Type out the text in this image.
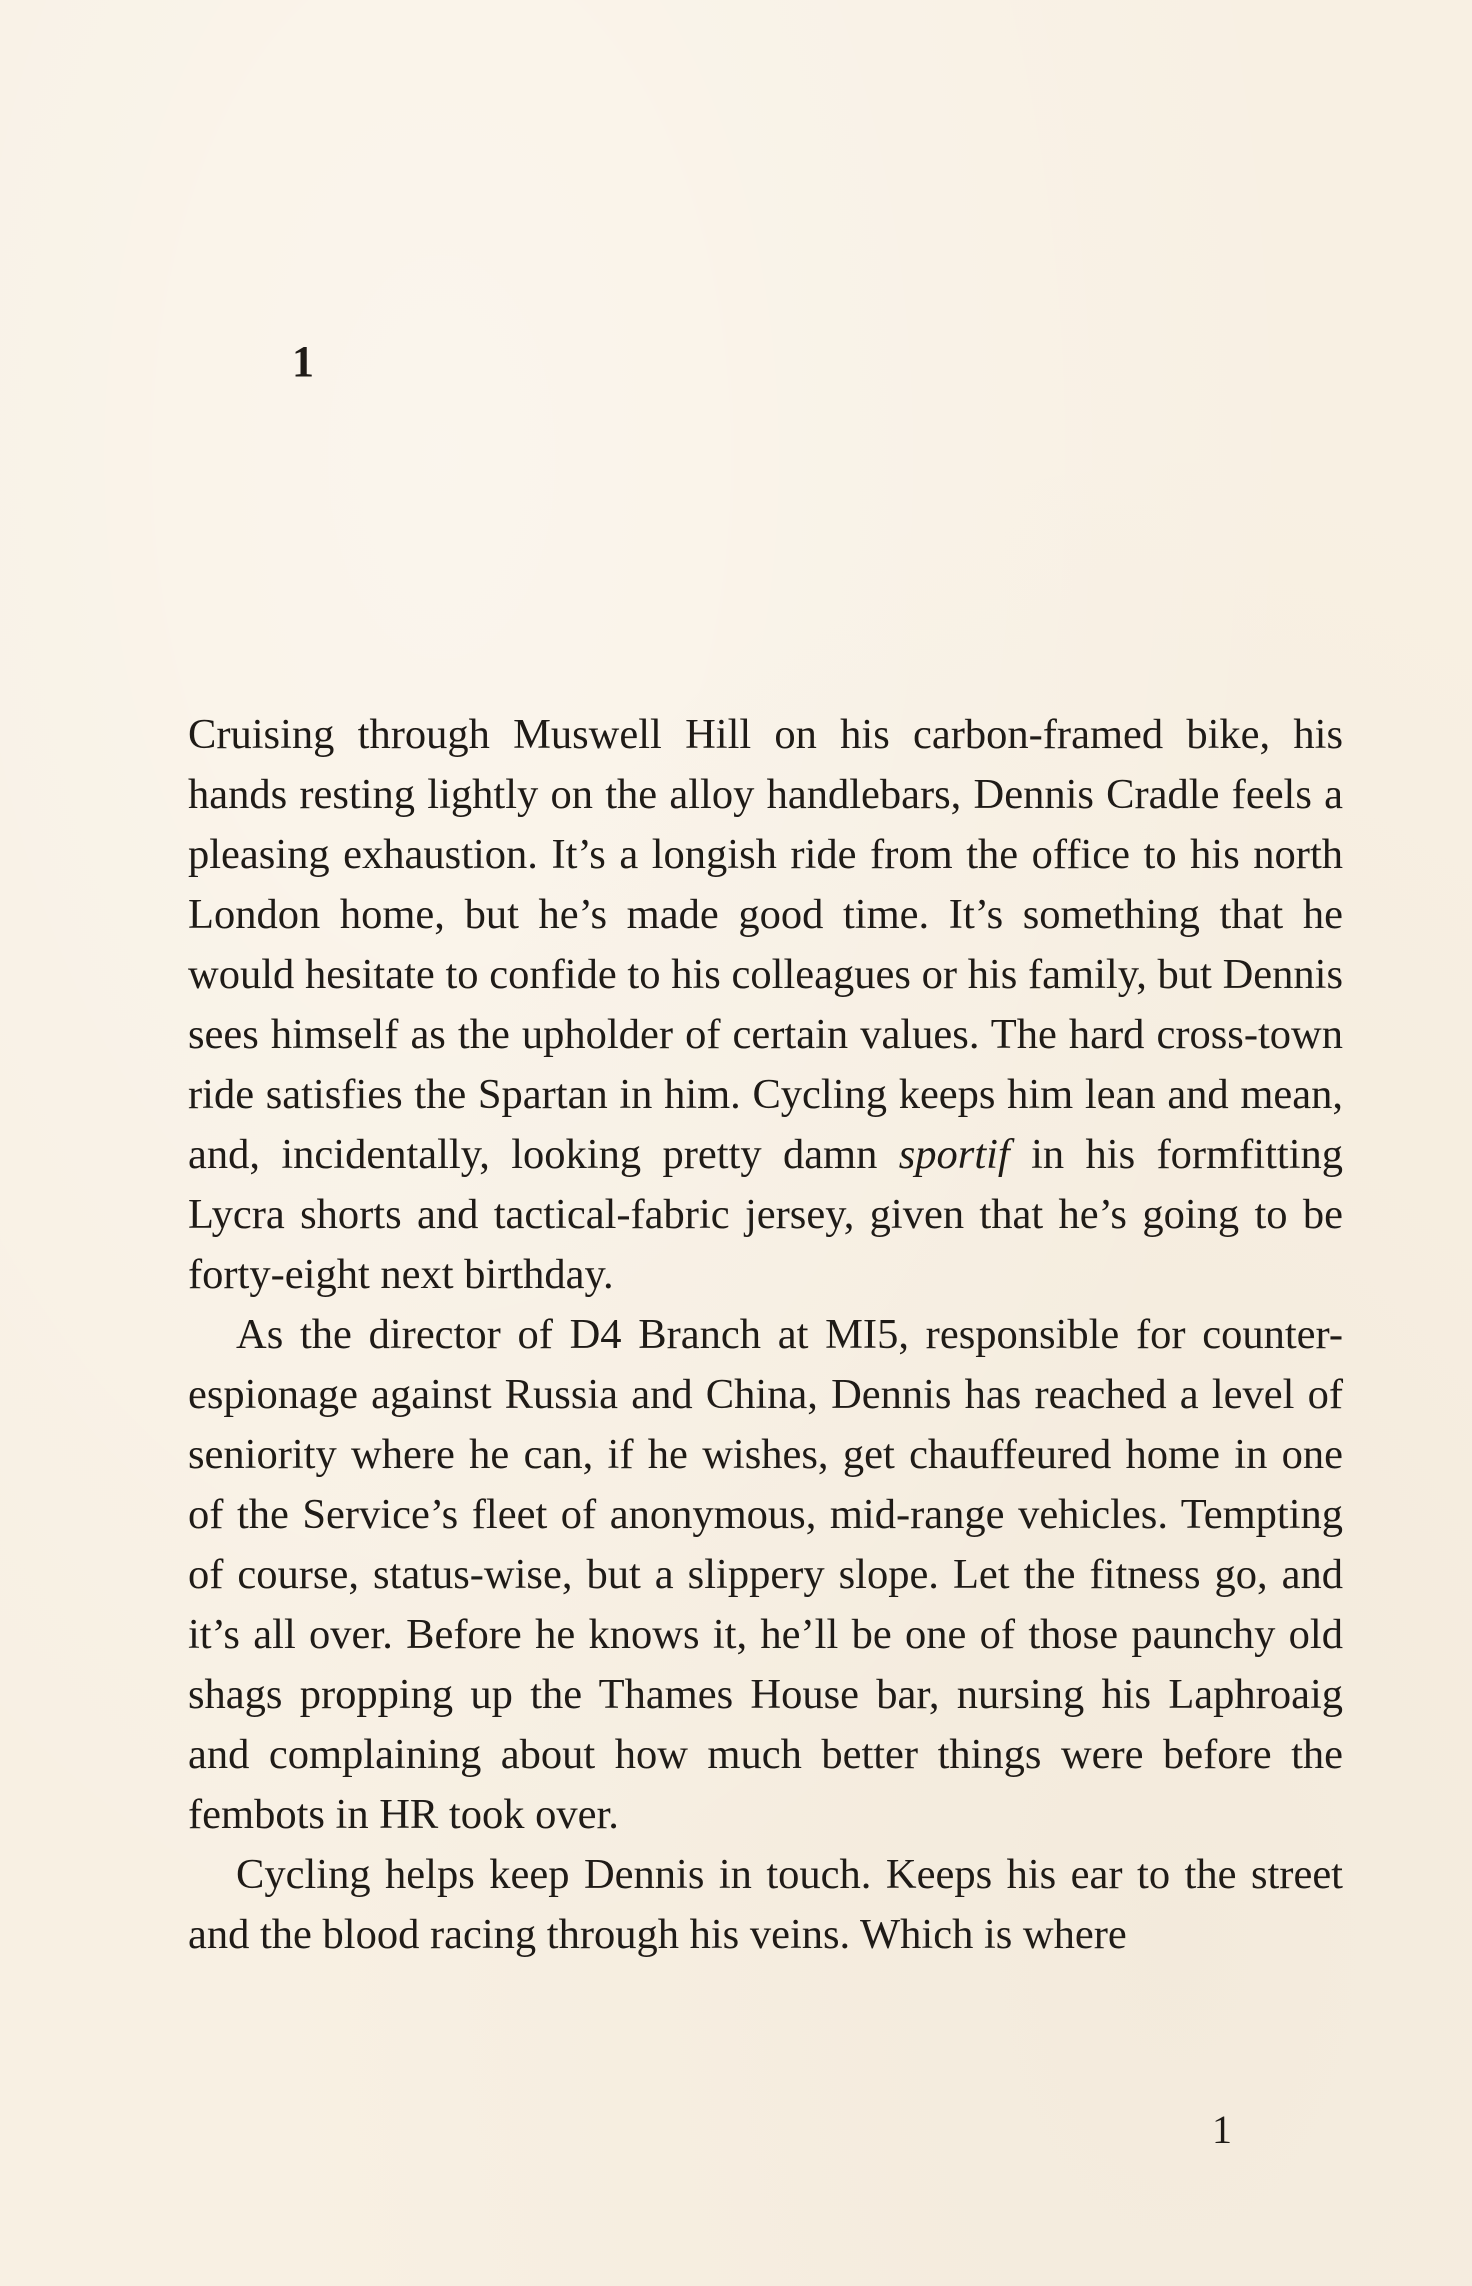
1

Cruising through Muswell Hill on his carbon-framed bike, his hands resting lightly on the alloy handlebars, Dennis Cradle feels a pleasing exhaustion. It’s a longish ride from the office to his north London home, but he’s made good time. It’s something that he would hesitate to confide to his colleagues or his family, but Dennis sees himself as the upholder of certain values. The hard cross-town ride satisfies the Spartan in him. Cycling keeps him lean and mean, and, incidentally, looking pretty damn sportif in his formfitting Lycra shorts and tactical-fabric jersey, given that he’s going to be forty-eight next birthday.

As the director of D4 Branch at MI5, responsible for counter-espionage against Russia and China, Dennis has reached a level of seniority where he can, if he wishes, get chauffeured home in one of the Service’s fleet of anonymous, mid-range vehicles. Tempting of course, status-wise, but a slippery slope. Let the fitness go, and it’s all over. Before he knows it, he’ll be one of those paunchy old shags propping up the Thames House bar, nursing his Laphroaig and complaining about how much better things were before the fembots in HR took over.

Cycling helps keep Dennis in touch. Keeps his ear to the street and the blood racing through his veins. Which is where

1
